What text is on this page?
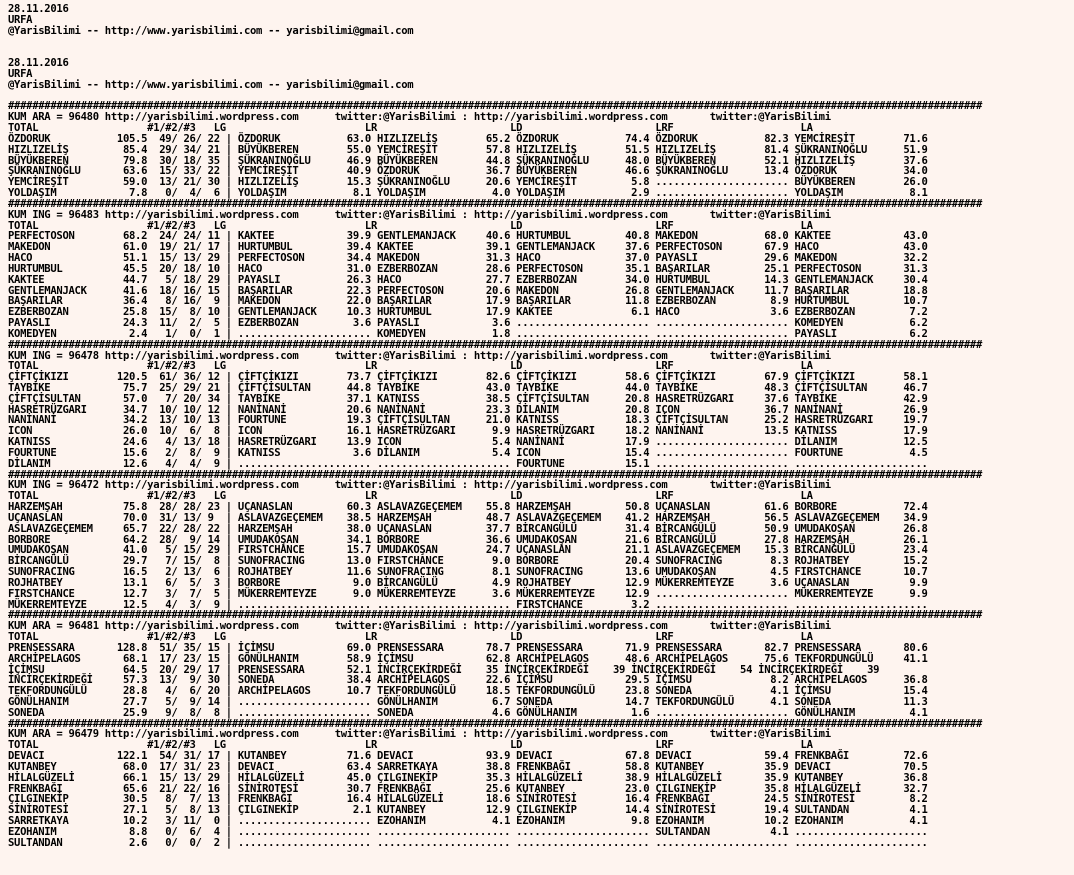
28.11.2016
URFA
@YarisBilimi -- http://www.yarisbilimi.com -- yarisbilimi@gmail.com
28.11.2016
URFA
@YarisBilimi -- http://www.yarisbilimi.com -- yarisbilimi@gmail.com
#################################################################################################################################################################
KUM ARA = 96480 http://yarisbilimi.wordpress.com      twitter:@YarisBilimi : http://yarisbilimi.wordpress.com       twitter:@YarisBilimi
TOTAL                  #1/#2/#3   LG                       LR                      LD                      LRF                     LA
ÖZDORUK           105.5  49/ 26/ 22 | ÖZDORUK           63.0 HIZLIZELİŞ        65.2 ÖZDORUK           74.4 ÖZDORUK           82.3 YEMCİREŞİT        71.6
HIZLIZELİŞ         85.4  29/ 34/ 21 | BÜYÜKBEREN        55.0 YEMCİREŞİT        57.8 HIZLIZELİŞ        51.5 HIZLIZELİŞ        81.4 ŞÜKRANINOĞLU      51.9
BÜYÜKBEREN         79.8  30/ 18/ 35 | ŞÜKRANINOĞLU      46.9 BÜYÜKBEREN        44.8 ŞÜKRANINOĞLU      48.0 BÜYÜKBEREN        52.1 HIZLIZELİŞ        37.6
ŞÜKRANINOĞLU       63.6  15/ 33/ 22 | YEMCİREŞİT        40.9 ÖZDORUK           36.7 BÜYÜKBEREN        46.6 ŞÜKRANINOĞLU      13.4 ÖZDORUK           34.0
YEMCİREŞİT         59.0  13/ 21/ 30 | HIZLIZELİŞ        15.3 ŞÜKRANINOĞLU      20.6 YEMCİREŞİT         5.8 ...................... BÜYÜKBEREN        26.0
YOLDAŞIM            7.8   0/  4/  6 | YOLDAŞIM           8.1 YOLDAŞIM           4.0 YOLDAŞIM           2.9 ...................... YOLDAŞIM           8.1
#################################################################################################################################################################
KUM ING = 96483 http://yarisbilimi.wordpress.com      twitter:@YarisBilimi : http://yarisbilimi.wordpress.com       twitter:@YarisBilimi
TOTAL                  #1/#2/#3   LG                       LR                      LD                      LRF                     LA
PERFECTOSON        68.2  24/ 24/ 11 | KAKTEE            39.9 GENTLEMANJACK     40.6 HURTUMBUL         40.8 MAKEDON           68.0 KAKTEE            43.0
MAKEDON            61.0  19/ 21/ 17 | HURTUMBUL         39.4 KAKTEE            39.1 GENTLEMANJACK     37.6 PERFECTOSON       67.9 HACO              43.0
HACO               51.1  15/ 13/ 29 | PERFECTOSON       34.4 MAKEDON           31.3 HACO              37.0 PAYASLI           29.6 MAKEDON           32.2
HURTUMBUL          45.5  20/ 18/ 10 | HACO              31.0 EZBERBOZAN        28.6 PERFECTOSON       35.1 BAŞARILAR         25.1 PERFECTOSON       31.3
KAKTEE             44.7   5/ 18/ 29 | PAYASLI           26.3 HACO              27.7 EZBERBOZAN        34.0 HURTUMBUL         14.3 GENTLEMANJACK     30.4
GENTLEMANJACK      41.6  18/ 16/ 15 | BAŞARILAR         22.3 PERFECTOSON       20.6 MAKEDON           26.8 GENTLEMANJACK     11.7 BAŞARILAR         18.8
BAŞARILAR          36.4   8/ 16/  9 | MAKEDON           22.0 BAŞARILAR         17.9 BAŞARILAR         11.8 EZBERBOZAN         8.9 HURTUMBUL         10.7
EZBERBOZAN         25.8  15/  8/ 10 | GENTLEMANJACK     10.3 HURTUMBUL         17.9 KAKTEE             6.1 HACO               3.6 EZBERBOZAN         7.2
PAYASLI            24.3  11/  2/  5 | EZBERBOZAN         3.6 PAYASLI            3.6 ...................... ...................... KOMEDYEN           6.2
KOMEDYEN            2.4   1/  0/  1 | ...................... KOMEDYEN           1.8 ...................... ...................... PAYASLI            6.2
#################################################################################################################################################################
KUM ING = 96478 http://yarisbilimi.wordpress.com      twitter:@YarisBilimi : http://yarisbilimi.wordpress.com       twitter:@YarisBilimi
TOTAL                  #1/#2/#3   LG                       LR                      LD                      LRF                     LA
ÇİFTÇİKIZI        120.5  61/ 36/ 12 | ÇİFTÇİKIZI        73.7 ÇİFTÇİKIZI        82.6 ÇİFTÇİKIZI        58.6 ÇİFTÇİKIZI        67.9 ÇİFTÇİKIZI        58.1
TAYBİKE            75.7  25/ 29/ 21 | ÇİFTÇİSULTAN      44.8 TAYBİKE           43.0 TAYBİKE           44.0 TAYBİKE           48.3 ÇİFTÇİSULTAN      46.7
ÇİFTÇİSULTAN       57.0   7/ 20/ 34 | TAYBİKE           37.1 KATNISS           38.5 ÇİFTÇİSULTAN      20.8 HASRETRÜZGARI     37.6 TAYBİKE           42.9
HASRETRÜZGARI      34.7  10/ 10/ 12 | NANİNANİ          20.6 NANİNANİ          23.3 DİLANIM           20.8 ICON              36.7 NANİNANİ          26.9
NANİNANİ           34.2  13/ 10/ 13 | FOURTUNE          19.3 ÇİFTÇİSULTAN      21.0 KATNISS           18.3 ÇİFTÇİSULTAN      25.2 HASRETRÜZGARI     19.7
ICON               26.0  10/  6/  8 | ICON              16.1 HASRETRÜZGARI      9.9 HASRETRÜZGARI     18.2 NANİNANİ          13.5 KATNISS           17.9
KATNISS            24.6   4/ 13/ 18 | HASRETRÜZGARI     13.9 ICON               5.4 NANİNANİ          17.9 ...................... DİLANIM           12.5
FOURTUNE           15.6   2/  8/  9 | KATNISS            3.6 DİLANIM            5.4 ICON              15.4 ...................... FOURTUNE           4.5
DİLANIM            12.6   4/  4/  9 | ...................... ...................... FOURTUNE          15.1 ...................... ......................
#################################################################################################################################################################
KUM ING = 96472 http://yarisbilimi.wordpress.com      twitter:@YarisBilimi : http://yarisbilimi.wordpress.com       twitter:@YarisBilimi
TOTAL                  #1/#2/#3   LG                       LR                      LD                      LRF                     LA
HARZEMŞAH          75.8  28/ 28/ 23 | UÇANASLAN         60.3 ASLAVAZGEÇEMEM    55.8 HARZEMŞAH         50.8 UÇANASLAN         61.6 BORBORE           72.4
UÇANASLAN          70.0  31/ 13/ 9  | ASLAVAZGEÇEMEM    38.5 HARZEMŞAH         48.7 ASLAVAZGEÇEMEM    41.2 HARZEMŞAH         56.5 ASLAVAZGEÇEMEM    34.9
ASLAVAZGEÇEMEM     65.7  22/ 28/ 22 | HARZEMŞAH         38.0 UÇANASLAN         37.7 BİRCANGÜLÜ        31.4 BİRCANGÜLÜ        50.9 UMUDAKOŞAN        26.8
BORBORE            64.2  28/  9/ 14 | UMUDAKOŞAN        34.1 BORBORE           36.6 UMUDAKOŞAN        21.6 BİRCANGÜLÜ        27.8 HARZEMŞAH         26.1
UMUDAKOŞAN         41.0   5/ 15/ 29 | FIRSTCHANCE       15.7 UMUDAKOŞAN        24.7 UÇANASLAN         21.1 ASLAVAZGEÇEMEM    15.3 BİRCANGÜLÜ        23.4
BİRCANGÜLÜ         29.7   7/ 15/  8 | SUNOFRACING       13.0 FIRSTCHANCE        9.0 BORBORE           20.4 SUNOFRACING        8.3 ROJHATBEY         15.2
SUNOFRACING        16.5   2/ 13/  6 | ROJHATBEY         11.6 SUNOFRACING        8.1 SUNOFRACING       13.6 UMUDAKOŞAN         4.5 FIRSTCHANCE       10.7
ROJHATBEY          13.1   6/  5/  3 | BORBORE            9.0 BİRCANGÜLÜ         4.9 ROJHATBEY         12.9 MÜKERREMTEYZE      3.6 UÇANASLAN          9.9
FIRSTCHANCE        12.7   3/  7/  5 | MÜKERREMTEYZE      9.0 MÜKERREMTEYZE      3.6 MÜKERREMTEYZE     12.9 ...................... MÜKERREMTEYZE      9.9
MÜKERREMTEYZE      12.5   4/  3/  9 | ...................... ...................... FIRSTCHANCE        3.2 ...................... ......................
#################################################################################################################################################################
KUM ARA = 96481 http://yarisbilimi.wordpress.com      twitter:@YarisBilimi : http://yarisbilimi.wordpress.com       twitter:@YarisBilimi
TOTAL                  #1/#2/#3   LG                       LR                      LD                      LRF                     LA
PRENSESSARA       128.8  51/ 35/ 15 | İÇİMSU            69.0 PRENSESSARA       78.7 PRENSESSARA       71.9 PRENSESSARA       82.7 PRENSESSARA       80.6
ARCHİPELAGOS       68.1  17/ 23/ 15 | GÖNÜLHANIM        58.9 İÇİMSU            62.8 ARCHİPELAGOS      48.6 ARCHİPELAGOS      75.6 TEKFORDUNGÜLÜ     41.1
İÇİMSU             64.5  20/ 29/ 17 | PRENSESSARA       52.1 İNCİRÇEKİRDEĞİ    35 İNCİRÇEKİRDEĞİ    39 İNCİRÇEKİRDEĞİ    54 İNCİRÇEKİRDEĞİ    39
İNCİRÇEKİRDEĞİ     57.3  13/  9/ 30 | SONEDA            38.4 ARCHİPELAGOS      22.6 İÇİMSU            29.5 İÇİMSU             8.2 ARCHİPELAGOS      36.8
TEKFORDUNGÜLÜ      28.8   4/  6/ 20 | ARCHİPELAGOS      10.7 TEKFORDUNGÜLÜ     18.5 TEKFORDUNGÜLÜ     23.8 SONEDA             4.1 İÇİMSU            15.4
GÖNÜLHANIM         27.7   5/  9/ 14 | ...................... GÖNÜLHANIM         6.7 SONEDA            14.7 TEKFORDUNGÜLÜ      4.1 SONEDA            11.3
SONEDA             25.9   9/  8/  8 | ...................... SONEDA             4.6 GÖNÜLHANIM         1.6 ...................... GÖNÜLHANIM         4.1
#################################################################################################################################################################
KUM ARA = 96479 http://yarisbilimi.wordpress.com      twitter:@YarisBilimi : http://yarisbilimi.wordpress.com       twitter:@YarisBilimi
TOTAL                  #1/#2/#3   LG                       LR                      LD                      LRF                     LA
DEVACI            122.1  54/ 31/ 17 | KUTANBEY          71.6 DEVACI            93.9 DEVACI            67.8 DEVACI            59.4 FRENKBAĞI         72.6
KUTANBEY           68.0  17/ 31/ 23 | DEVACI            63.4 SARRETKAYA        38.8 FRENKBAĞI         58.8 KUTANBEY          35.9 DEVACI            70.5
HİLALGÜZELİ        66.1  15/ 13/ 29 | HİLALGÜZELİ       45.0 ÇILGINEKİP        35.3 HİLALGÜZELİ       38.9 HİLALGÜZELİ       35.9 KUTANBEY          36.8
FRENKBAĞI          65.6  21/ 22/ 16 | SİNİROTESİ        30.7 FRENKBAĞI         25.6 KUTANBEY          23.0 ÇILGINEKİP        35.8 HİLALGÜZELİ       32.7
ÇILGINEKİP         30.5   8/  7/ 13 | FRENKBAĞI         16.4 HİLALGÜZELİ       18.6 SİNİROTESİ        16.4 FRENKBAĞI         24.5 SİNİROTESİ         8.2
SİNİROTESİ         27.1   5/  8/ 13 | ÇILGINEKİP         2.1 KUTANBEY          12.9 ÇILGINEKİP        14.4 SİNİROTESİ        19.4 SULTANDAN          4.1
SARRETKAYA         10.2   3/ 11/  0 | ...................... EZOHANIM           4.1 EZOHANIM           9.8 EZOHANIM          10.2 EZOHANIM           4.1
EZOHANIM            8.8   0/  6/  4 | ...................... ...................... ...................... SULTANDAN          4.1 ......................
SULTANDAN           2.6   0/  0/  2 | ...................... ...................... ...................... ...................... ......................
